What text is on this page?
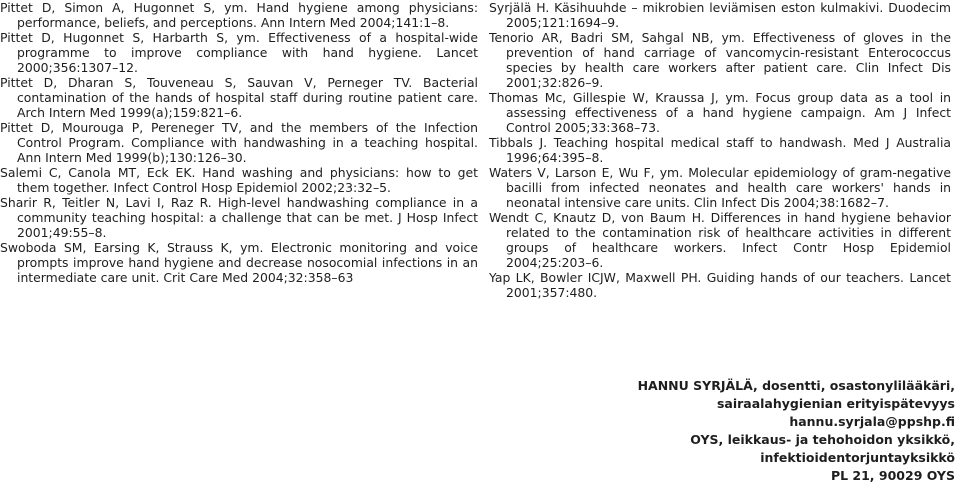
Pittet D, Simon A, Hugonnet S, ym. Hand hygiene among physicians: performance, beliefs, and perceptions. Ann Intern Med 2004;141:1–8.

Pittet D, Hugonnet S, Harbarth S, ym. Effectiveness of a hospital-wide programme to improve compliance with hand hygiene. Lancet 2000;356:1307–12.

Pittet D, Dharan S, Touveneau S, Sauvan V, Perneger TV. Bacterial contamination of the hands of hospital staff during routine patient care. Arch Intern Med 1999(a);159:821–6.

Pittet D, Mourouga P, Pereneger TV, and the members of the Infection Control Program. Compliance with handwashing in a teaching hospital. Ann Intern Med 1999(b);130:126–30.

Salemi C, Canola MT, Eck EK. Hand washing and physicians: how to get them together. Infect Control Hosp Epidemiol 2002;23:32–5.

Sharir R, Teitler N, Lavi I, Raz R. High-level handwashing compliance in a community teaching hospital: a challenge that can be met. J Hosp Infect 2001;49:55–8.

Swoboda SM, Earsing K, Strauss K, ym. Electronic monitoring and voice prompts improve hand hygiene and decrease nosocomial infections in an intermediate care unit. Crit Care Med 2004;32:358–63

Syrjälä H. Käsihuuhde – mikrobien leviämisen eston kulmakivi. Duodecim 2005;121:1694–9.

Tenorio AR, Badri SM, Sahgal NB, ym. Effectiveness of gloves in the prevention of hand carriage of vancomycin-resistant Enterococcus species by health care workers after patient care. Clin Infect Dis 2001;32:826–9.

Thomas Mc, Gillespie W, Kraussa J, ym. Focus group data as a tool in assessing effectiveness of a hand hygiene campaign. Am J Infect Control 2005;33:368–73.

Tibbals J. Teaching hospital medical staff to handwash. Med J Australia 1996;64:395–8.

Waters V, Larson E, Wu F, ym. Molecular epidemiology of gram-negative bacilli from infected neonates and health care workers' hands in neonatal intensive care units. Clin Infect Dis 2004;38:1682–7.

Wendt C, Knautz D, von Baum H. Differences in hand hygiene behavior related to the contamination risk of healthcare activities in different groups of healthcare workers. Infect Contr Hosp Epidemiol 2004;25:203–6.

Yap LK, Bowler ICJW, Maxwell PH. Guiding hands of our teachers. Lancet 2001;357:480.

HANNU SYRJÄLÄ, dosentti, osastonylilääkäri,
sairaalahygienian erityispätevyys
hannu.syrjala@ppshp.fi
OYS, leikkaus- ja tehohoidon yksikkö,
infektioidentorjuntayksikkö
PL 21, 90029 OYS
